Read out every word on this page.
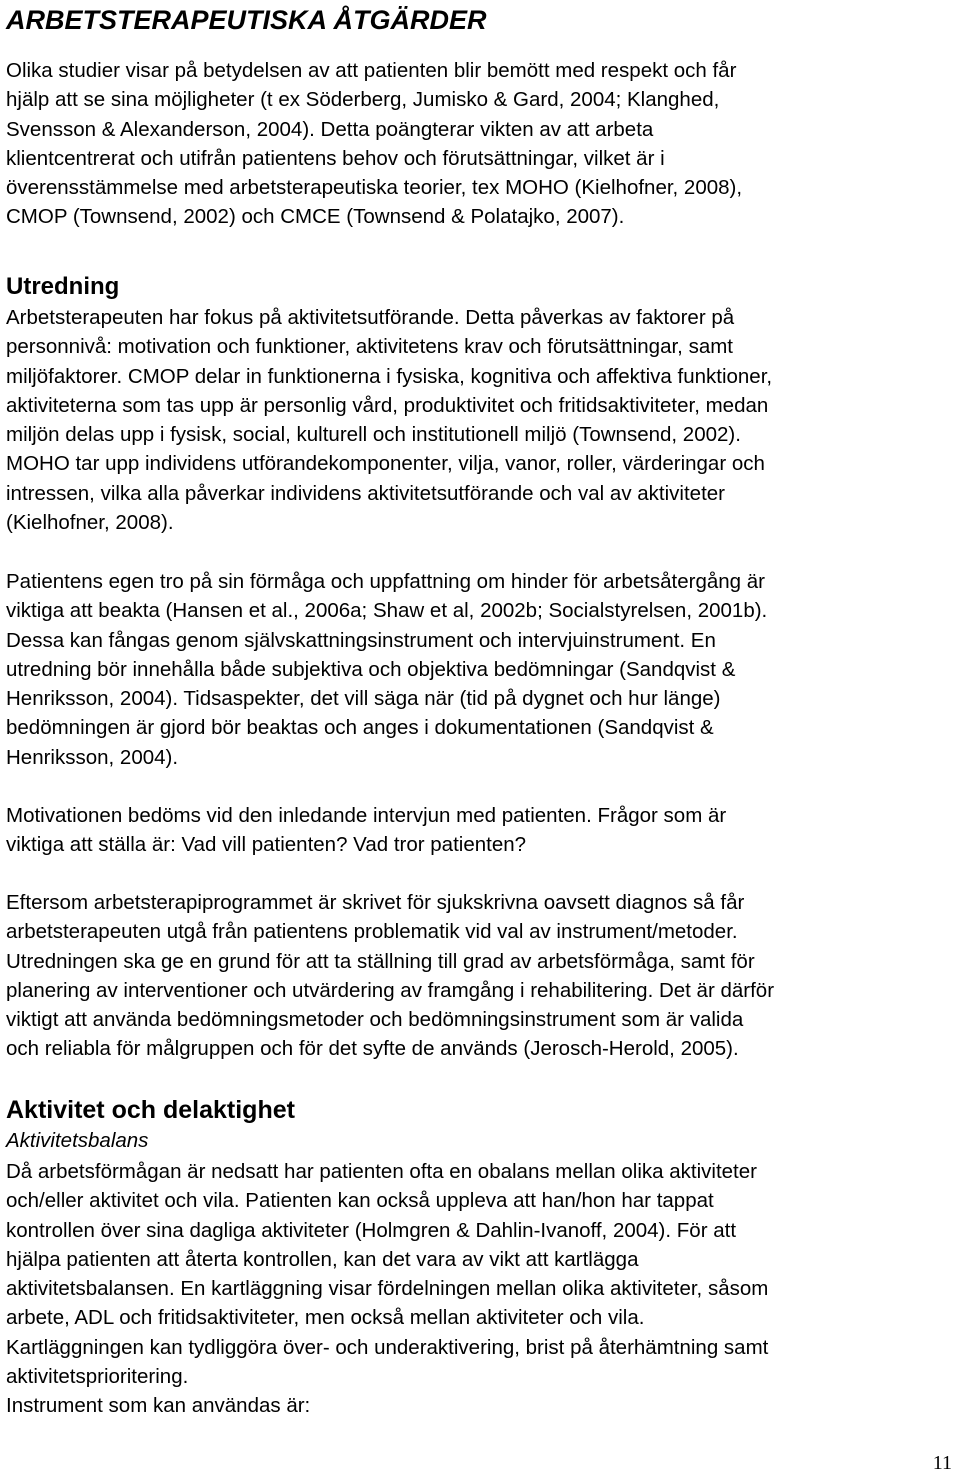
ARBETSTERAPEUTISKA ÅTGÄRDER
Olika studier visar på betydelsen av att patienten blir bemött med respekt och får
hjälp att se sina möjligheter (t ex Söderberg, Jumisko & Gard, 2004; Klanghed,
Svensson & Alexanderson, 2004). Detta poängterar vikten av att arbeta
klientcentrerat och utifrån patientens behov och förutsättningar, vilket är i
överensstämmelse med arbetsterapeutiska teorier, tex MOHO (Kielhofner, 2008),
CMOP (Townsend, 2002) och CMCE (Townsend & Polatajko, 2007).
Utredning
Arbetsterapeuten har fokus på aktivitetsutförande. Detta påverkas av faktorer på
personnivå: motivation och funktioner, aktivitetens krav och förutsättningar, samt
miljöfaktorer. CMOP delar in funktionerna i fysiska, kognitiva och affektiva funktioner,
aktiviteterna som tas upp är personlig vård, produktivitet och fritidsaktiviteter, medan
miljön delas upp i fysisk, social, kulturell och institutionell miljö (Townsend, 2002).
MOHO tar upp individens utförandekomponenter, vilja, vanor, roller, värderingar och
intressen, vilka alla påverkar individens aktivitetsutförande och val av aktiviteter
(Kielhofner, 2008).
Patientens egen tro på sin förmåga och uppfattning om hinder för arbetsåtergång är
viktiga att beakta (Hansen et al., 2006a; Shaw et al, 2002b; Socialstyrelsen, 2001b).
Dessa kan fångas genom självskattningsinstrument och intervjuinstrument. En
utredning bör innehålla både subjektiva och objektiva bedömningar (Sandqvist &
Henriksson, 2004). Tidsaspekter, det vill säga när (tid på dygnet och hur länge)
bedömningen är gjord bör beaktas och anges i dokumentationen (Sandqvist &
Henriksson, 2004).
Motivationen bedöms vid den inledande intervjun med patienten. Frågor som är
viktiga att ställa är: Vad vill patienten? Vad tror patienten?
Eftersom arbetsterapiprogrammet är skrivet för sjukskrivna oavsett diagnos så får
arbetsterapeuten utgå från patientens problematik vid val av instrument/metoder.
Utredningen ska ge en grund för att ta ställning till grad av arbetsförmåga, samt för
planering av interventioner och utvärdering av framgång i rehabilitering. Det är därför
viktigt att använda bedömningsmetoder och bedömningsinstrument som är valida
och reliabla för målgruppen och för det syfte de används (Jerosch-Herold, 2005).
Aktivitet och delaktighet
Aktivitetsbalans
Då arbetsförmågan är nedsatt har patienten ofta en obalans mellan olika aktiviteter
och/eller aktivitet och vila. Patienten kan också uppleva att han/hon har tappat
kontrollen över sina dagliga aktiviteter (Holmgren & Dahlin-Ivanoff, 2004). För att
hjälpa patienten att återta kontrollen, kan det vara av vikt att kartlägga
aktivitetsbalansen. En kartläggning visar fördelningen mellan olika aktiviteter, såsom
arbete, ADL och fritidsaktiviteter, men också mellan aktiviteter och vila.
Kartläggningen kan tydliggöra över- och underaktivering, brist på återhämtning samt
aktivitetsprioritering.
Instrument som kan användas är:
11
